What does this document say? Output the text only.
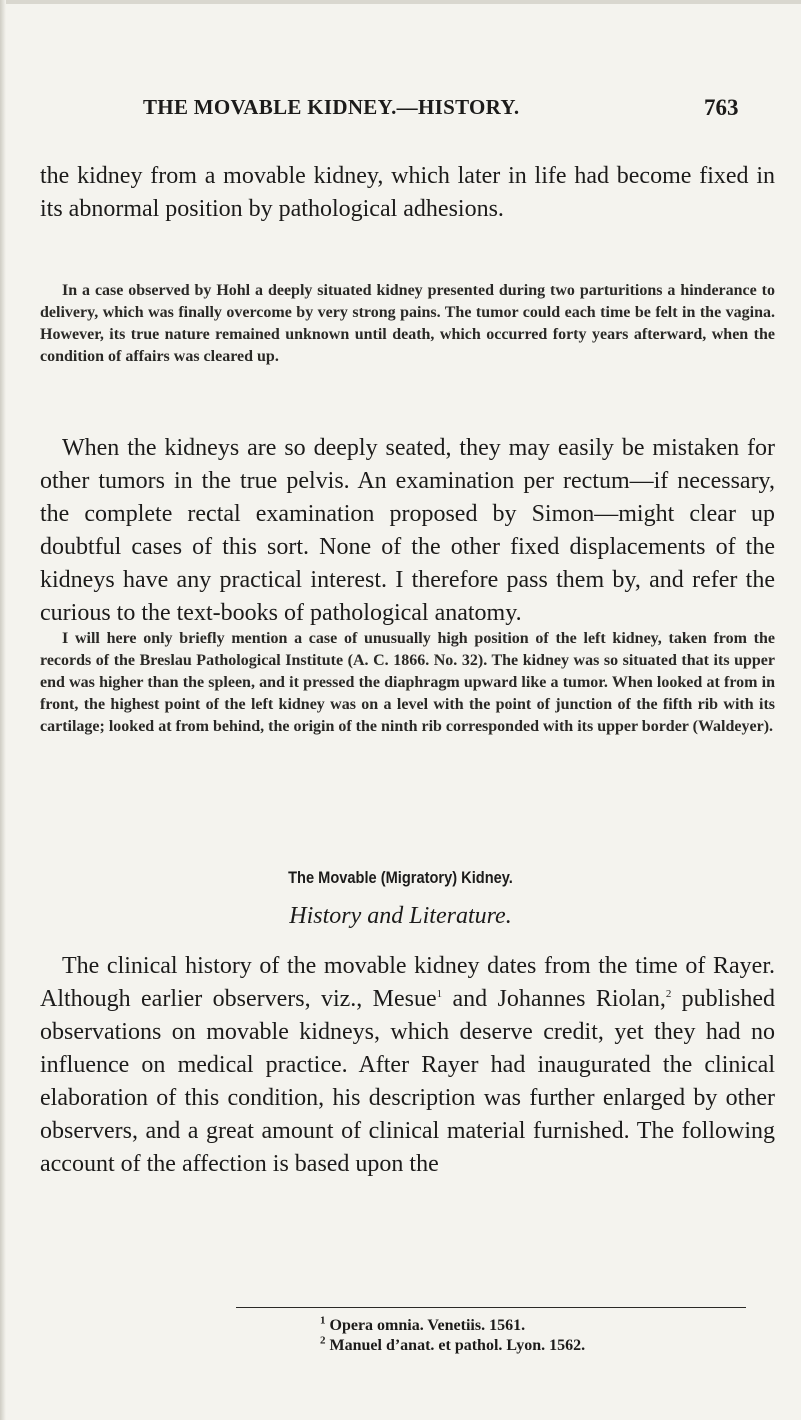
THE MOVABLE KIDNEY.—HISTORY.	763

the kidney from a movable kidney, which later in life had become fixed in its abnormal position by pathological adhesions.

In a case observed by Hohl a deeply situated kidney presented during two parturitions a hinderance to delivery, which was finally overcome by very strong pains. The tumor could each time be felt in the vagina. However, its true nature remained unknown until death, which occurred forty years afterward, when the condition of affairs was cleared up.

When the kidneys are so deeply seated, they may easily be mistaken for other tumors in the true pelvis. An examination per rectum—if necessary, the complete rectal examination proposed by Simon—might clear up doubtful cases of this sort. None of the other fixed displacements of the kidneys have any practical interest. I therefore pass them by, and refer the curious to the text-books of pathological anatomy.

I will here only briefly mention a case of unusually high position of the left kidney, taken from the records of the Breslau Pathological Institute (A. C. 1866. No. 32). The kidney was so situated that its upper end was higher than the spleen, and it pressed the diaphragm upward like a tumor. When looked at from in front, the highest point of the left kidney was on a level with the point of junction of the fifth rib with its cartilage; looked at from behind, the origin of the ninth rib corresponded with its upper border (Waldeyer).

The Movable (Migratory) Kidney.
History and Literature.

The clinical history of the movable kidney dates from the time of Rayer. Although earlier observers, viz., Mesue$^1$ and Johannes Riolan,$^2$ published observations on movable kidneys, which deserve credit, yet they had no influence on medical practice. After Rayer had inaugurated the clinical elaboration of this condition, his description was further enlarged by other observers, and a great amount of clinical material furnished. The following account of the affection is based upon the

$^1$ Opera omnia. Venetiis. 1561.
$^2$ Manuel d’anat. et pathol. Lyon. 1562.
